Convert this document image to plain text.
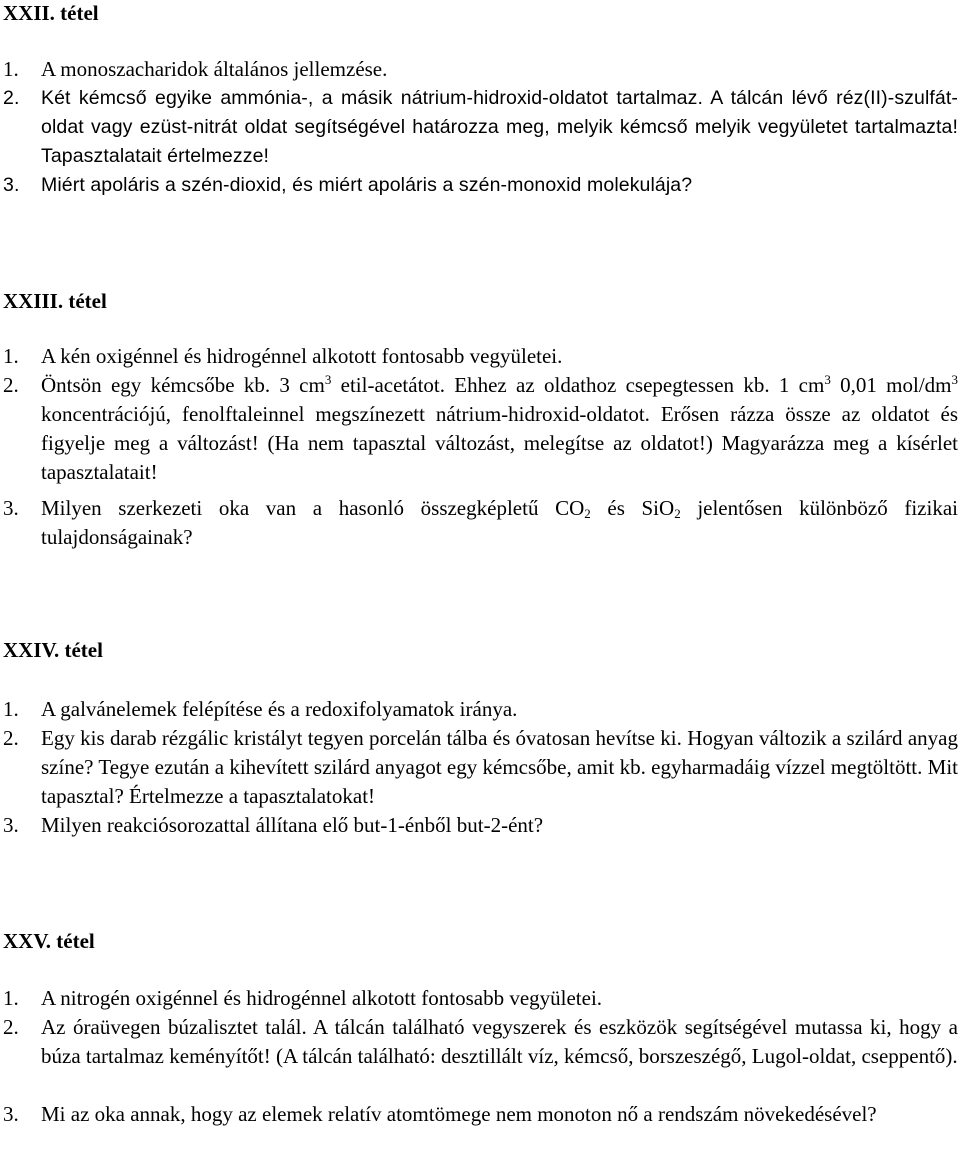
XXII. tétel
1. A monoszacharidok általános jellemzése.
2. Két kémcső egyike ammónia-, a másik nátrium-hidroxid-oldatot tartalmaz. A tálcán lévő réz(II)-szulfát-oldat vagy ezüst-nitrát oldat segítségével határozza meg, melyik kémcső melyik vegyületet tartalmazta! Tapasztalatait értelmezze!
3. Miért apoláris a szén-dioxid, és miért apoláris a szén-monoxid molekulája?
XXIII. tétel
1. A kén oxigénnel és hidrogénnel alkotott fontosabb vegyületei.
2. Öntsön egy kémcsőbe kb. 3 $cm^3$ etil-acetátot. Ehhez az oldathoz csepegtessen kb. 1 $cm^3$ 0,01 mol/$dm^3$ koncentrációjú, fenolftaleinnel megszínezett nátrium-hidroxid-oldatot. Erősen rázza össze az oldatot és figyelje meg a változást! (Ha nem tapasztal változást, melegítse az oldatot!) Magyarázza meg a kísérlet tapasztalatait!
3. Milyen szerkezeti oka van a hasonló összegképletű $CO_2$ és SiO$_2$ jelentősen különböző fizikai tulajdonságainak?
XXIV. tétel
1. A galvánelemek felépítése és a redoxifolyamatok iránya.
2. Egy kis darab rézgálic kristályt tegyen porcelán tálba és óvatosan hevítse ki. Hogyan változik a szilárd anyag színe? Tegye ezután a kihevített szilárd anyagot egy kémcsőbe, amit kb. egyharmadáig vízzel megtöltött. Mit tapasztal? Értelmezze a tapasztalatokat!
3. Milyen reakciósorozattal állítana elő but-1-énből but-2-ént?
XXV. tétel
1. A nitrogén oxigénnel és hidrogénnel alkotott fontosabb vegyületei.
2. Az óraüvegen búzalisztet talál. A tálcán található vegyszerek és eszközök segítségével mutassa ki, hogy a búza tartalmaz keményítőt! (A tálcán található: desztillált víz, kémcső, borszeszégő, Lugol-oldat, cseppentő).
3. Mi az oka annak, hogy az elemek relatív atomtömege nem monoton nő a rendszám növekedésével?
